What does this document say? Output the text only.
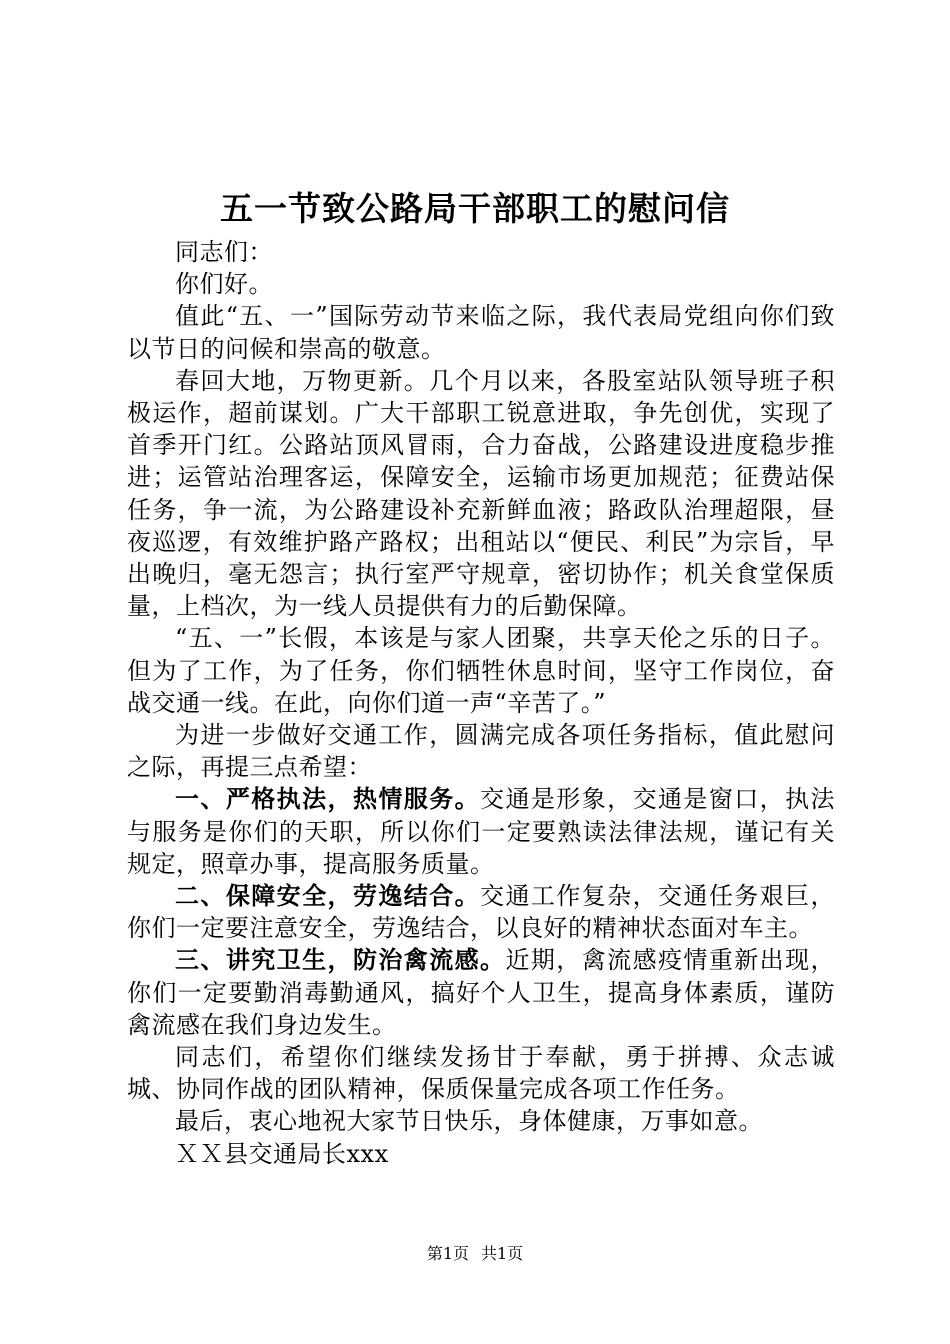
五一节致公路局干部职工的慰问信

同志们：

你们好。

值此“五、一”国际劳动节来临之际，我代表局党组向你们致以节日的问候和崇高的敬意。

春回大地，万物更新。几个月以来，各股室站队领导班子积极运作，超前谋划。广大干部职工锐意进取，争先创优，实现了首季开门红。公路站顶风冒雨，合力奋战，公路建设进度稳步推进；运管站治理客运，保障安全，运输市场更加规范；征费站保任务，争一流，为公路建设补充新鲜血液；路政队治理超限，昼夜巡逻，有效维护路产路权；出租站以“便民、利民”为宗旨，早出晚归，毫无怨言；执行室严守规章，密切协作；机关食堂保质量，上档次，为一线人员提供有力的后勤保障。

“五、一”长假，本该是与家人团聚，共享天伦之乐的日子。但为了工作，为了任务，你们牺牲休息时间，坚守工作岗位，奋战交通一线。在此，向你们道一声“辛苦了。”

为进一步做好交通工作，圆满完成各项任务指标，值此慰问之际，再提三点希望：

一、严格执法，热情服务。交通是形象，交通是窗口，执法与服务是你们的天职，所以你们一定要熟读法律法规，谨记有关规定，照章办事，提高服务质量。

二、保障安全，劳逸结合。交通工作复杂，交通任务艰巨，你们一定要注意安全，劳逸结合，以良好的精神状态面对车主。

三、讲究卫生，防治禽流感。近期，禽流感疫情重新出现，你们一定要勤消毒勤通风，搞好个人卫生，提高身体素质，谨防禽流感在我们身边发生。

同志们，希望你们继续发扬甘于奉献，勇于拼搏、众志诚城、协同作战的团队精神，保质保量完成各项工作任务。

最后，衷心地祝大家节日快乐，身体健康，万事如意。

ＸＸ县交通局长xxx

第1页 共1页
